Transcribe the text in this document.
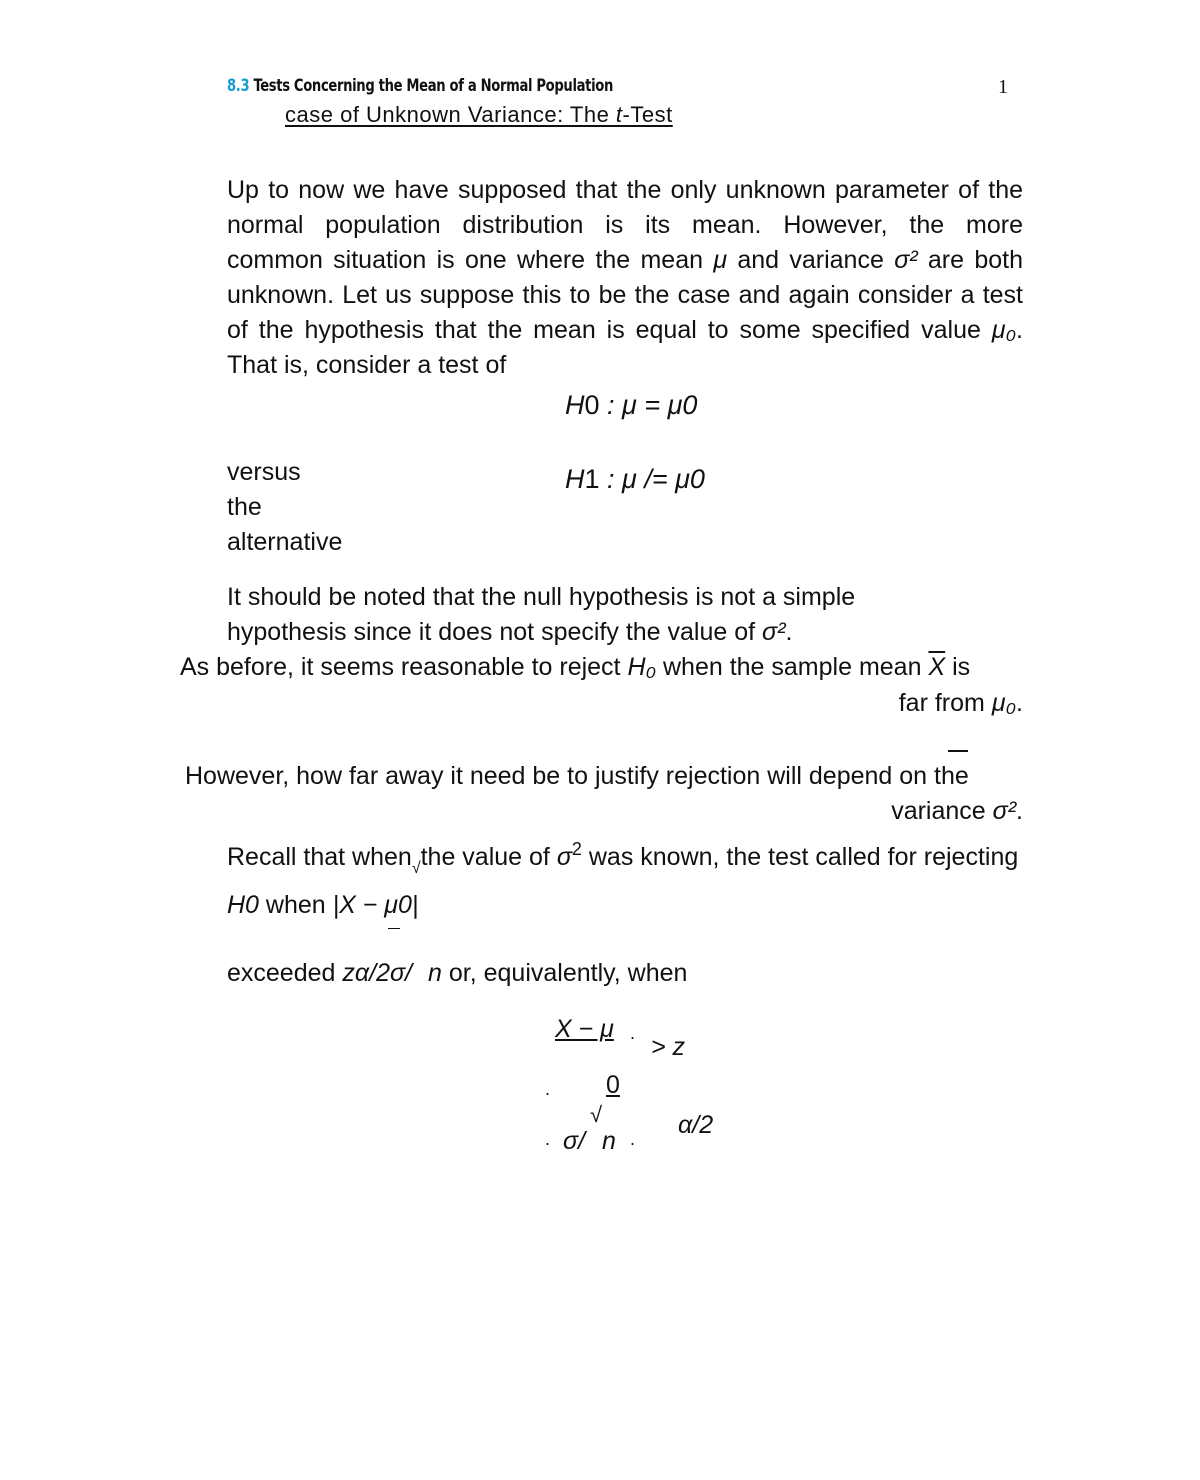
8.3 Tests Concerning the Mean of a Normal Population	1
case of Unknown Variance: The t-Test
Up to now we have supposed that the only unknown parameter of the
normal population distribution is its mean. However, the more
common situation is one where the mean μ and variance σ² are both
unknown. Let us suppose this to be the case and again consider a test
of the hypothesis that the mean is equal to some specified value μ₀.
That is, consider a test of
H0 : μ = μ0
versus
the
alternative
H1 : μ /= μ0
It should be noted that the null hypothesis is not a simple
hypothesis since it does not specify the value of σ².
As before, it seems reasonable to reject H₀ when the sample mean $\overline{X}$ is
far from μ₀.
However, how far away it need be to justify rejection will depend on the
variance σ².
Recall that when$_√$the value of $\sigma^2$ was known, the test called for rejecting
H0 when |X − μ0|
exceeded zα/2σ/ n or, equivalently, when
X − μ . > z
. 0
√
. σ/ n . α/2
